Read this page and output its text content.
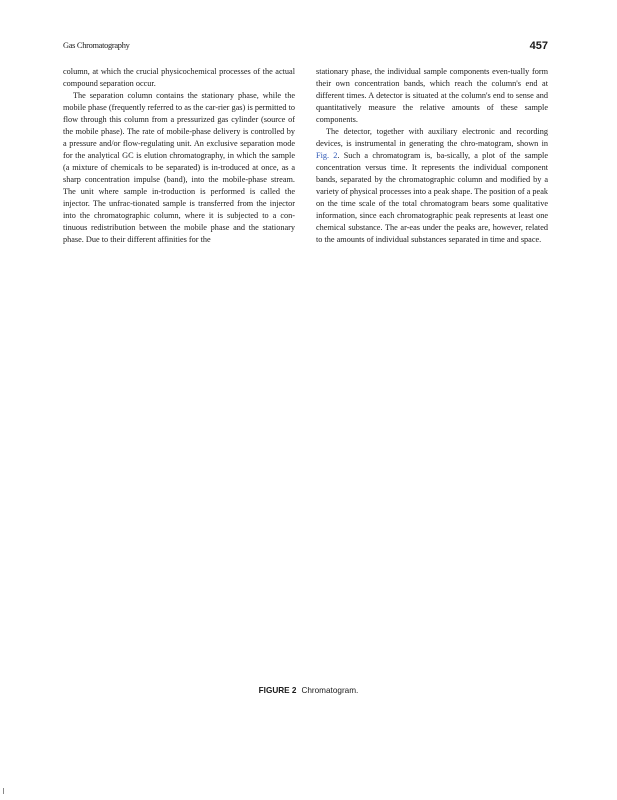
Gas Chromatography	457

column, at which the crucial physicochemical processes of the actual compound separation occur.

The separation column contains the stationary phase, while the mobile phase (frequently referred to as the car-rier gas) is permitted to flow through this column from a pressurized gas cylinder (source of the mobile phase). The rate of mobile-phase delivery is controlled by a pressure and/or flow-regulating unit. An exclusive separation mode for the analytical GC is elution chromatography, in which the sample (a mixture of chemicals to be separated) is in-troduced at once, as a sharp concentration impulse (band), into the mobile-phase stream. The unit where sample in-troduction is performed is called the injector. The unfrac-tionated sample is transferred from the injector into the chromatographic column, where it is subjected to a con-tinuous redistribution between the mobile phase and the stationary phase. Due to their different affinities for the

stationary phase, the individual sample components even-tually form their own concentration bands, which reach the column's end at different times. A detector is situated at the column's end to sense and quantitatively measure the relative amounts of these sample components.

The detector, together with auxiliary electronic and recording devices, is instrumental in generating the chro-matogram, shown in Fig. 2. Such a chromatogram is, ba-sically, a plot of the sample concentration versus time. It represents the individual component bands, separated by the chromatographic column and modified by a variety of physical processes into a peak shape. The position of a peak on the time scale of the total chromatogram bears some qualitative information, since each chromatographic peak represents at least one chemical substance. The ar-eas under the peaks are, however, related to the amounts of individual substances separated in time and space.

FIGURE 2 Chromatogram.
